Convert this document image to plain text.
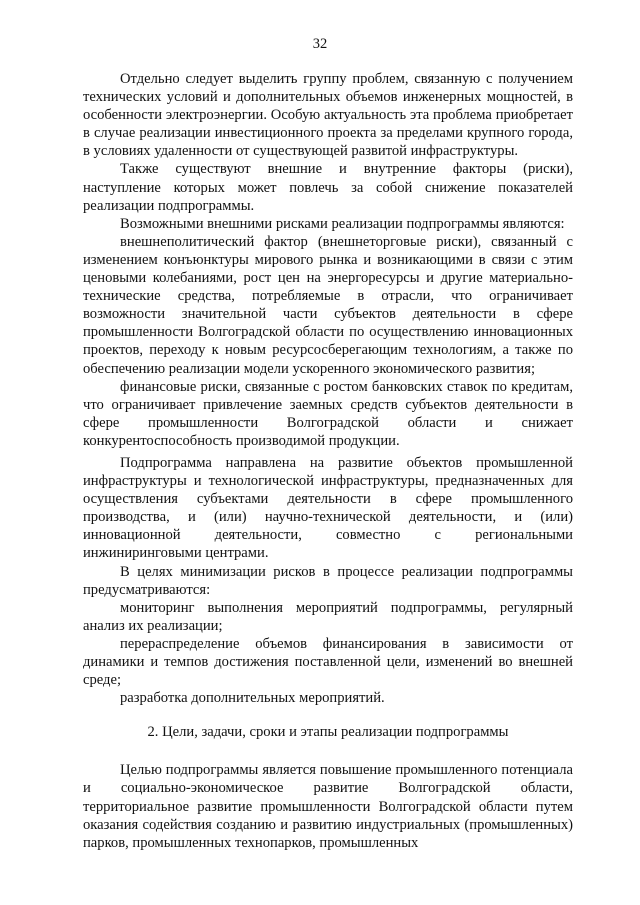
32

Отдельно следует выделить группу проблем, связанную с получением технических условий и дополнительных объемов инженерных мощностей, в особенности электроэнергии. Особую актуальность эта проблема приобретает в случае реализации инвестиционного проекта за пределами крупного города, в условиях удаленности от существующей развитой инфраструктуры.

Также существуют внешние и внутренние факторы (риски), наступление которых может повлечь за собой снижение показателей реализации подпрограммы.

Возможными внешними рисками реализации подпрограммы являются:

внешнеполитический фактор (внешнеторговые риски), связанный с изменением конъюнктуры мирового рынка и возникающими в связи с этим ценовыми колебаниями, рост цен на энергоресурсы и другие материально-технические средства, потребляемые в отрасли, что ограничивает возможности значительной части субъектов деятельности в сфере промышленности Волгоградской области по осуществлению инновационных проектов, переходу к новым ресурсосберегающим технологиям, а также по обеспечению реализации модели ускоренного экономического развития;

финансовые риски, связанные с ростом банковских ставок по кредитам, что ограничивает привлечение заемных средств субъектов деятельности в сфере промышленности Волгоградской области и снижает конкурентоспособность производимой продукции.

Подпрограмма направлена на развитие объектов промышленной инфраструктуры и технологической инфраструктуры, предназначенных для осуществления субъектами деятельности в сфере промышленного производства, и (или) научно-технической деятельности, и (или) инновационной деятельности, совместно с региональными инжиниринговыми центрами.

В целях минимизации рисков в процессе реализации подпрограммы предусматриваются:

мониторинг выполнения мероприятий подпрограммы, регулярный анализ их реализации;

перераспределение объемов финансирования в зависимости от динамики и темпов достижения поставленной цели, изменений во внешней среде;

разработка дополнительных мероприятий.

2. Цели, задачи, сроки и этапы реализации подпрограммы

Целью подпрограммы является повышение промышленного потенциала и социально-экономическое развитие Волгоградской области, территориальное развитие промышленности Волгоградской области путем оказания содействия созданию и развитию индустриальных (промышленных) парков, промышленных технопарков, промышленных
